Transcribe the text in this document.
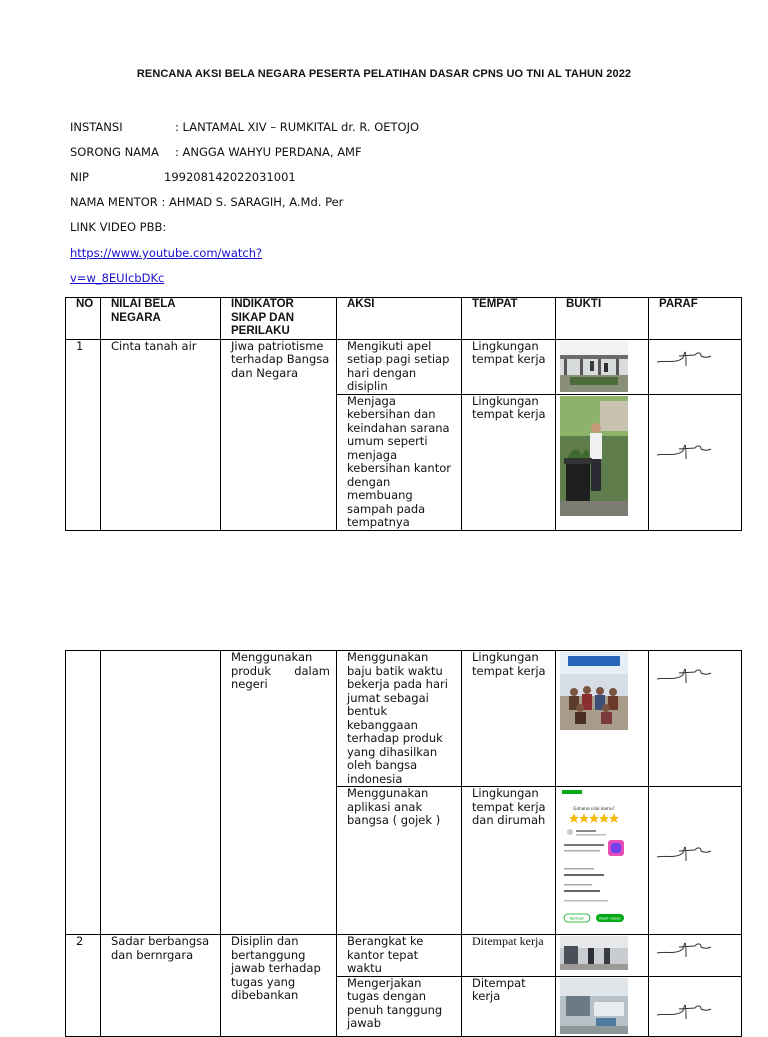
RENCANA AKSI BELA NEGARA PESERTA PELATIHAN DASAR CPNS UO TNI AL TAHUN 2022
INSTANSI	: LANTAMAL XIV – RUMKITAL dr. R. OETOJO
SORONG NAMA : ANGGA WAHYU PERDANA, AMF
NIP	199208142022031001
NAMA MENTOR : AHMAD S. SARAGIH, A.Md. Per
LINK VIDEO PBB:
https://www.youtube.com/watch?
v=w_8EUIcbDKc
NO	NILAI BELA NEGARA	INDIKATOR SIKAP DAN PERILAKU	AKSI	TEMPAT	BUKTI	PARAF
1	Cinta tanah air	Jiwa patriotisme terhadap Bangsa dan Negara	Mengikuti apel setiap pagi setiap hari dengan disiplin	Lingkungan tempat kerja	

			Menjaga kebersihan dan keindahan sarana umum seperti menjaga kebersihan kantor dengan membuang sampah pada tempatnya	Lingkungan tempat kerja	

		Menggunakan produk dalam negeri	Menggunakan baju batik waktu bekerja pada hari jumat sebagai bentuk kebanggaan terhadap produk yang dihasilkan oleh bangsa indonesia	Lingkungan tempat kerja	

			Menggunakan aplikasi anak bangsa ( gojek )	Lingkungan tempat kerja dan dirumah	Gimana nilai kamu?
Bantuan Kasih Ulasan

2	Sadar berbangsa dan bernrgara	Disiplin dan bertanggung jawab terhadap tugas yang dibebankan	Berangkat ke kantor tepat waktu	Ditempat kerja	

			Mengerjakan tugas dengan penuh tanggung jawab	Ditempat kerja	
